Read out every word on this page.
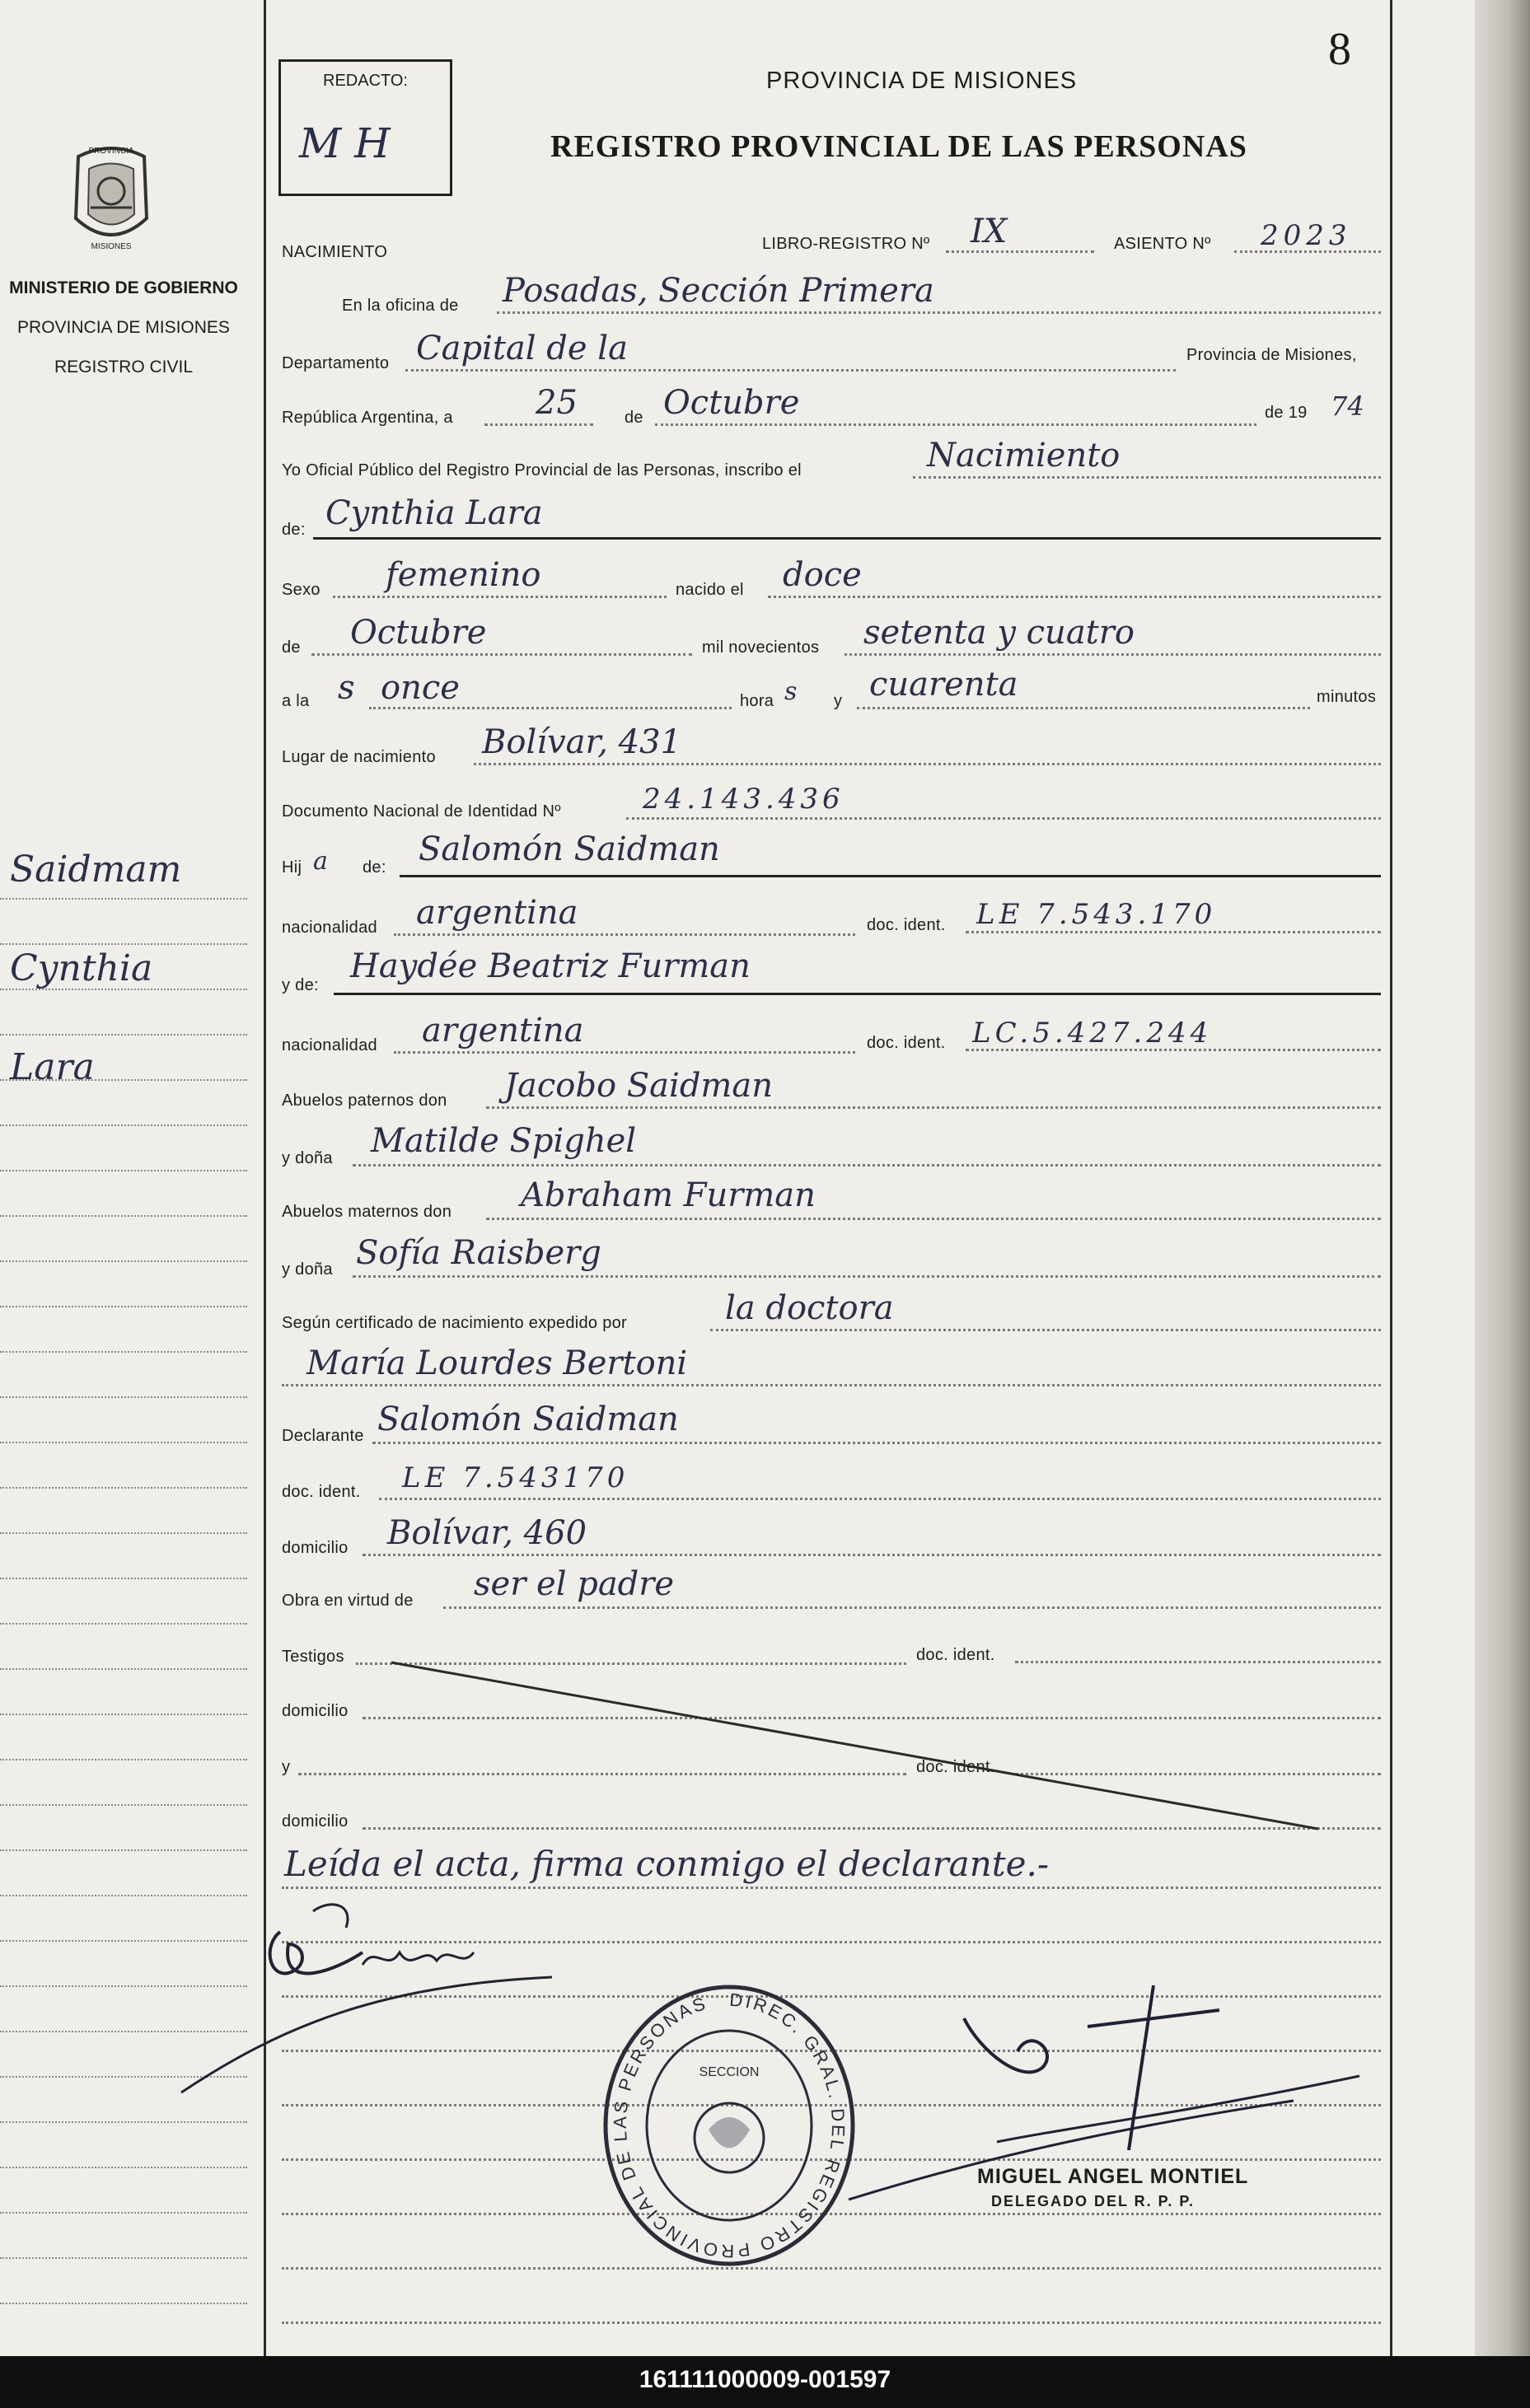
PROVINCIA
MISIONES
MINISTERIO DE GOBIERNO
PROVINCIA DE MISIONES
REGISTRO CIVIL
Saidmam
Cynthia
Lara
8
REDACTO:
M H
PROVINCIA DE MISIONES
REGISTRO PROVINCIAL DE LAS PERSONAS
NACIMIENTO	LIBRO-REGISTRO Nº IX	ASIENTO Nº 2023
En la oficina de Posadas, Sección Primera
Departamento Capital de la	Provincia de Misiones,
República Argentina, a	25	de Octubre	de 19 74
Yo Oficial Público del Registro Provincial de las Personas, inscribo el	Nacimiento
de: Cynthia Lara
Sexo femenino	nacido el doce
de Octubre	mil novecientos setenta y cuatro
a la s once	hora s y cuarenta	minutos
Lugar de nacimiento Bolívar, 431
Documento Nacional de Identidad Nº	24.143.436
Hij a de: Salomón Saidman
nacionalidad argentina	doc. ident. LE 7.543.170
y de: Haydée Beatriz Furman
nacionalidad argentina	doc. ident. LC.5.427.244
Abuelos paternos don Jacobo Saidman
y doña Matilde Spighel
Abuelos maternos don Abraham Furman
y doña Sofía Raisberg
Según certificado de nacimiento expedido por	la doctora
María Lourdes Bertoni
Declarante Salomón Saidman
doc. ident. LE 7.543170
domicilio Bolívar, 460
Obra en virtud de ser el padre
Testigos	doc. ident.
domicilio
y	doc. ident.
domicilio
Leída el acta, firma conmigo el declarante.-
DIREC. GRAL. DEL REGISTRO PROVINCIAL DE LAS PERSONAS
SECCION
MIGUEL ANGEL MONTIEL
DELEGADO DEL R. P. P.
161111000009-001597
